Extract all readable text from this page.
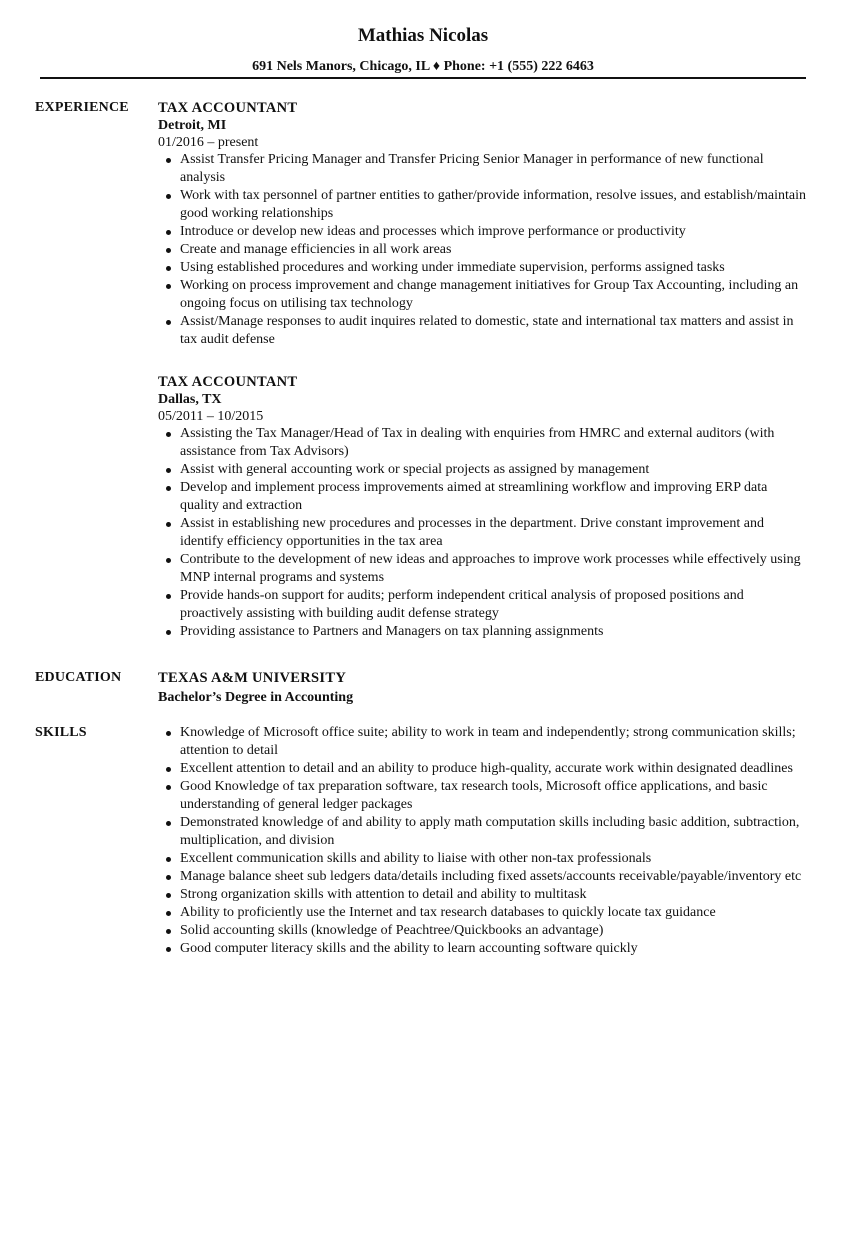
Mathias Nicolas
691 Nels Manors, Chicago, IL ♦ Phone: +1 (555) 222 6463
EXPERIENCE TAX ACCOUNTANT
Detroit, MI
01/2016 – present
Assist Transfer Pricing Manager and Transfer Pricing Senior Manager in performance of new functional analysis
Work with tax personnel of partner entities to gather/provide information, resolve issues, and establish/maintain good working relationships
Introduce or develop new ideas and processes which improve performance or productivity
Create and manage efficiencies in all work areas
Using established procedures and working under immediate supervision, performs assigned tasks
Working on process improvement and change management initiatives for Group Tax Accounting, including an ongoing focus on utilising tax technology
Assist/Manage responses to audit inquires related to domestic, state and international tax matters and assist in tax audit defense
TAX ACCOUNTANT
Dallas, TX
05/2011 – 10/2015
Assisting the Tax Manager/Head of Tax in dealing with enquiries from HMRC and external auditors (with assistance from Tax Advisors)
Assist with general accounting work or special projects as assigned by management
Develop and implement process improvements aimed at streamlining workflow and improving ERP data quality and extraction
Assist in establishing new procedures and processes in the department. Drive constant improvement and identify efficiency opportunities in the tax area
Contribute to the development of new ideas and approaches to improve work processes while effectively using MNP internal programs and systems
Provide hands-on support for audits; perform independent critical analysis of proposed positions and proactively assisting with building audit defense strategy
Providing assistance to Partners and Managers on tax planning assignments
EDUCATION	TEXAS A&M UNIVERSITY
Bachelor’s Degree in Accounting
SKILLS	Knowledge of Microsoft office suite; ability to work in team and independently; strong communication skills; attention to detail
Excellent attention to detail and an ability to produce high-quality, accurate work within designated deadlines
Good Knowledge of tax preparation software, tax research tools, Microsoft office applications, and basic understanding of general ledger packages
Demonstrated knowledge of and ability to apply math computation skills including basic addition, subtraction, multiplication, and division
Excellent communication skills and ability to liaise with other non-tax professionals
Manage balance sheet sub ledgers data/details including fixed assets/accounts receivable/payable/inventory etc
Strong organization skills with attention to detail and ability to multitask
Ability to proficiently use the Internet and tax research databases to quickly locate tax guidance
Solid accounting skills (knowledge of Peachtree/Quickbooks an advantage)
Good computer literacy skills and the ability to learn accounting software quickly
